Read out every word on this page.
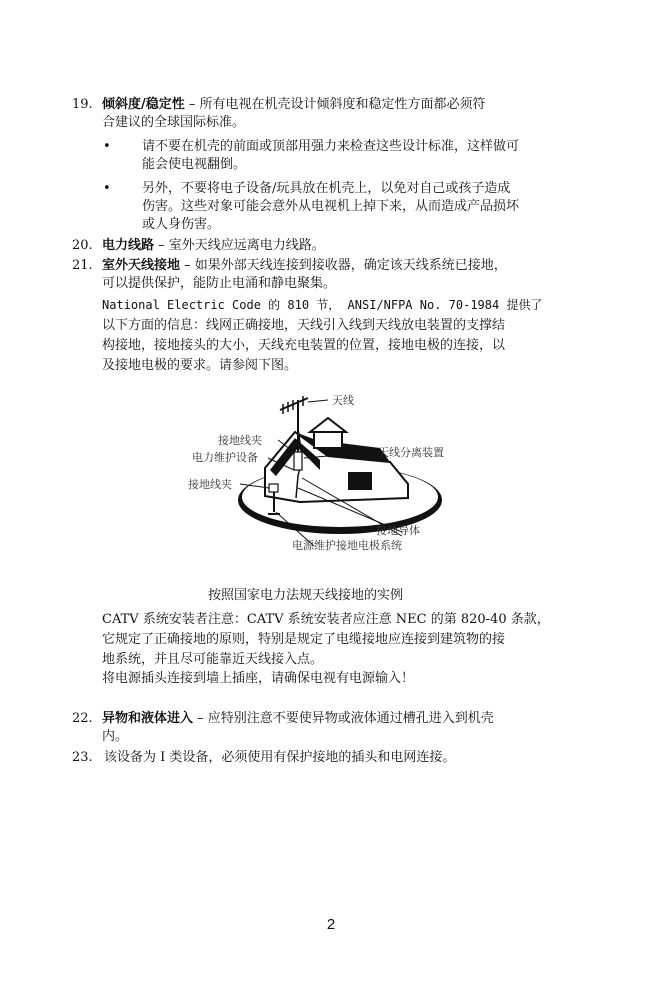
19. 倾斜度/稳定性 – 所有电视在机壳设计倾斜度和稳定性方面都必须符
合建议的全球国际标准。
• 请不要在机壳的前面或顶部用强力来检查这些设计标准，这样做可
能会使电视翻倒。
• 另外，不要将电子设备/玩具放在机壳上，以免对自己或孩子造成
伤害。这些对象可能会意外从电视机上掉下来，从而造成产品损坏
或人身伤害。
20. 电力线路 – 室外天线应远离电力线路。
21. 室外天线接地 – 如果外部天线连接到接收器，确定该天线系统已接地，
可以提供保护，能防止电涌和静电聚集。
National Electric Code 的 810 节， ANSI/NFPA No. 70-1984 提供了
以下方面的信息：线网正确接地，天线引入线到天线放电装置的支撑结
构接地，接地接头的大小，天线充电装置的位置，接地电极的连接，以
及接地电极的要求。请参阅下图。
天线
接地线夹
电力维护设备
接地线夹
天线分离装置
接地导体
电源维护接地电极系统
按照国家电力法规天线接地的实例
CATV 系统安装者注意：CATV 系统安装者应注意 NEC 的第 820-40 条款，
它规定了正确接地的原则，特别是规定了电缆接地应连接到建筑物的接
地系统，并且尽可能靠近天线接入点。
将电源插头连接到墙上插座，请确保电视有电源输入！
22. 异物和液体进入 – 应特别注意不要使异物或液体通过槽孔进入到机壳
内。
23. 该设备为 I 类设备，必须使用有保护接地的插头和电网连接。
2
